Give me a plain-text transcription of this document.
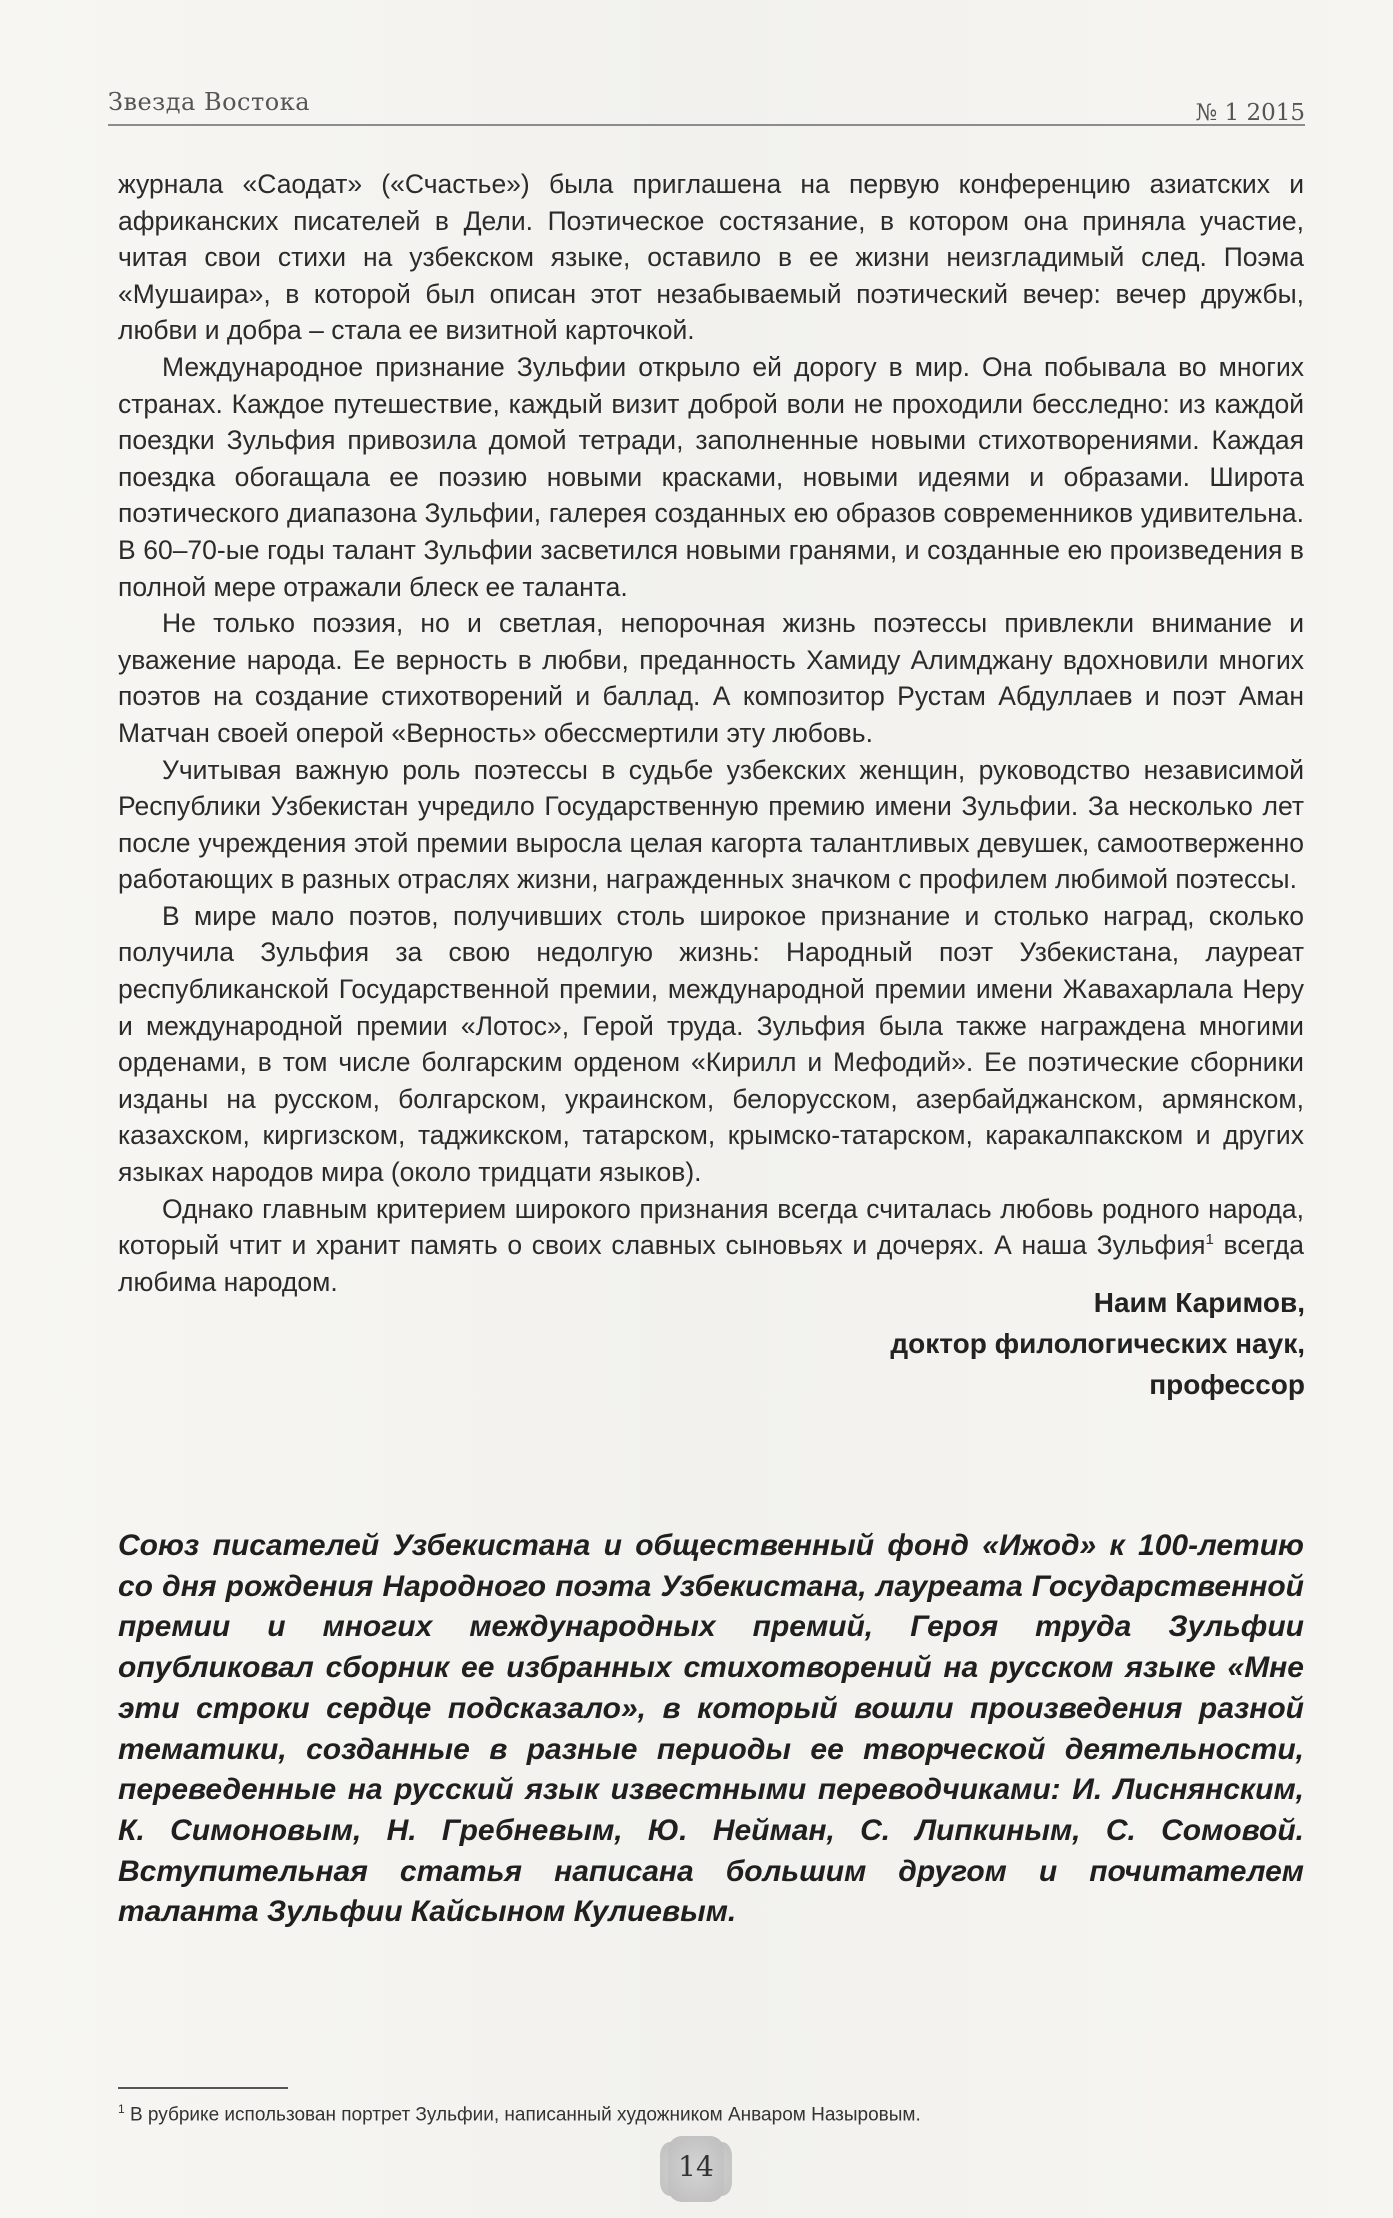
Звезда Востока	№ 1 2015

журнала «Саодат» («Счастье») была приглашена на первую конференцию азиатских и африканских писателей в Дели. Поэтическое состязание, в котором она приняла участие, читая свои стихи на узбекском языке, оставило в ее жизни неизгладимый след. Поэма «Мушаира», в которой был описан этот незабываемый поэтический вечер: вечер дружбы, любви и добра – стала ее визитной карточкой.

Международное признание Зульфии открыло ей дорогу в мир. Она побывала во многих странах. Каждое путешествие, каждый визит доброй воли не проходили бесследно: из каждой поездки Зульфия привозила домой тетради, заполненные новыми стихотворениями. Каждая поездка обогащала ее поэзию новыми красками, новыми идеями и образами. Широта поэтического диапазона Зульфии, галерея созданных ею образов современников удивительна. В 60–70-ые годы талант Зульфии засветился новыми гранями, и созданные ею произведения в полной мере отражали блеск ее таланта.

Не только поэзия, но и светлая, непорочная жизнь поэтессы привлекли внимание и уважение народа. Ее верность в любви, преданность Хамиду Алимджану вдохновили многих поэтов на создание стихотворений и баллад. А композитор Рустам Абдуллаев и поэт Аман Матчан своей оперой «Верность» обессмертили эту любовь.

Учитывая важную роль поэтессы в судьбе узбекских женщин, руководство независимой Республики Узбекистан учредило Государственную премию имени Зульфии. За несколько лет после учреждения этой премии выросла целая кагорта талантливых девушек, самоотверженно работающих в разных отраслях жизни, награжденных значком с профилем любимой поэтессы.

В мире мало поэтов, получивших столь широкое признание и столько наград, сколько получила Зульфия за свою недолгую жизнь: Народный поэт Узбекистана, лауреат республиканской Государственной премии, международной премии имени Жавахарлала Неру и международной премии «Лотос», Герой труда. Зульфия была также награждена многими орденами, в том числе болгарским орденом «Кирилл и Мефодий». Ее поэтические сборники изданы на русском, болгарском, украинском, белорусском, азербайджанском, армянском, казахском, киргизском, таджикском, татарском, крымско-татарском, каракалпакском и других языках народов мира (около тридцати языков).

Однако главным критерием широкого признания всегда считалась любовь родного народа, который чтит и хранит память о своих славных сыновьях и дочерях. А наша Зульфия$^1$ всегда любима народом.

Наим Каримов,
доктор филологических наук,
профессор
Союз писателей Узбекистана и общественный фонд «Ижод» к 100-летию со дня рождения Народного поэта Узбекистана, лауреата Государственной премии и многих международных премий, Героя труда Зульфии опубликовал сборник ее избранных стихотворений на русском языке «Мне эти строки сердце подсказало», в который вошли произведения разной тематики, созданные в разные периоды ее творческой деятельности, переведенные на русский язык известными переводчиками: И. Лиснянским, К. Симоновым, Н. Гребневым, Ю. Нейман, С. Липкиным, С. Сомовой. Вступительная статья написана большим другом и почитателем таланта Зульфии Кайсыном Кулиевым.
$^1$ В рубрике использован портрет Зульфии, написанный художником Анваром Назыровым.
14
